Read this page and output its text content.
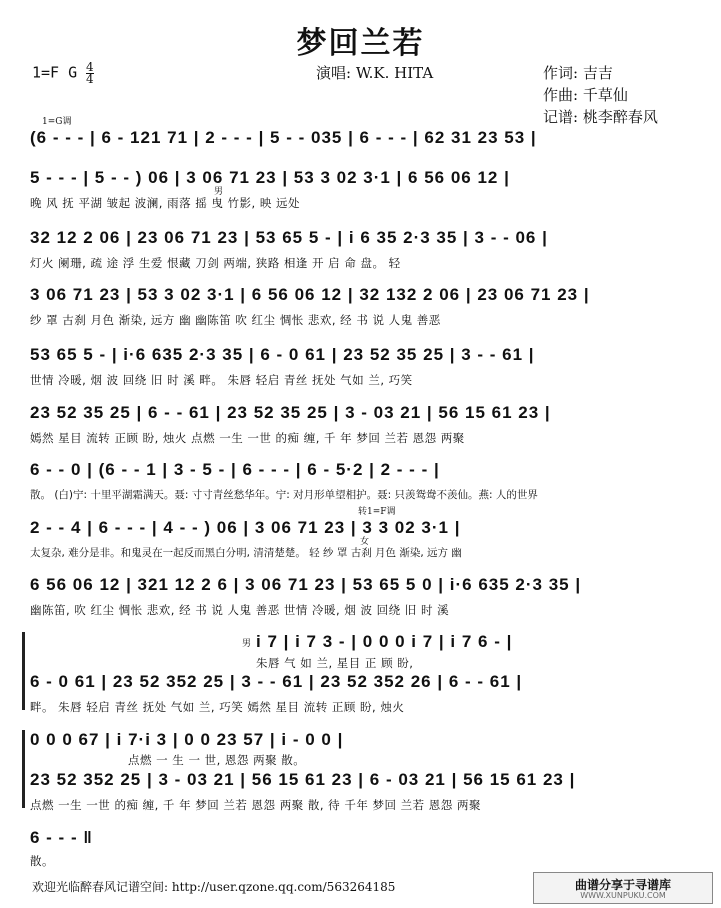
梦回兰若
1=F G $\frac{4}{4}$	演唱: W.K. HITA	作词: 吉吉
作曲: 千草仙
记谱: 桃李醉春风
1=G调
(6 - - - | 6 - 121 71 | 2 - - - | 5 - - 035 | 6 - - - | 62 31 23 53 |
5 - - - | 5 - - ) 06 | 3 06 71 23 | 53 3 02 3·1 | 6 56 06 12 |
晚 风 抚 平湖 皱起 波澜, 雨落 摇 曳 竹影, 映 远处
男
32 12 2 06 | 23 06 71 23 | 53 65 5 - | i 6 35 2·3 35 | 3 - - 06 |
灯火 阑珊, 疏 途 浮 生爱 恨藏 刀剑 两端, 狭路 相逢 开 启 命 盘。 轻
3 06 71 23 | 53 3 02 3·1 | 6 56 06 12 | 32 132 2 06 | 23 06 71 23 |
纱 罩 古刹 月色 渐染, 远方 幽 幽陈笛 吹 红尘 惆怅 悲欢, 经 书 说 人鬼 善恶
53 65 5 - | i·6 635 2·3 35 | 6 - 0 61 | 23 52 35 25 | 3 - - 61 |
世情 冷暖, 烟 波 回绕 旧 时 溪 畔。 朱唇 轻启 青丝 抚处 气如 兰, 巧笑
23 52 35 25 | 6 - - 61 | 23 52 35 25 | 3 - 03 21 | 56 15 61 23 |
嫣然 星目 流转 正顾 盼, 烛火 点燃 一生 一世 的痴 缠, 千 年 梦回 兰若 恩怨 两聚
6 - - 0 | (6 - - 1 | 3 - 5 - | 6 - - - | 6 - 5·2 | 2 - - - |
散。 (白)宁: 十里平湖霜满天。聂: 寸寸青丝愁华年。宁: 对月形单望相护。聂: 只羡鸳鸯不羡仙。燕: 人的世界
转1=F调
2 - - 4 | 6 - - - | 4 - - ) 06 | 3 06 71 23 | 3 3 02 3·1 |
太复杂, 难分是非。和鬼灵在一起反而黑白分明, 清清楚楚。 轻 纱 罩 古刹 月色 渐染, 远方 幽
女
6 56 06 12 | 321 12 2 6 | 3 06 71 23 | 53 65 5 0 | i·6 635 2·3 35 |
幽陈笛, 吹 红尘 惆怅 悲欢, 经 书 说 人鬼 善恶 世情 冷暖, 烟 波 回绕 旧 时 溪
男 i 7 | i 7 3 - | 0 0 0 i 7 | i 7 6 - |
朱唇 气 如 兰, 星目 正 顾 盼,
6 - 0 61 | 23 52 352 25 | 3 - - 61 | 23 52 352 26 | 6 - - 61 |
畔。 朱唇 轻启 青丝 抚处 气如 兰, 巧笑 嫣然 星目 流转 正顾 盼, 烛火
0 0 0 67 | i 7·i 3 | 0 0 23 57 | i - 0 0 |
点燃 一 生 一 世, 恩怨 两聚 散。
23 52 352 25 | 3 - 03 21 | 56 15 61 23 | 6 - 03 21 | 56 15 61 23 |
点燃 一生 一世 的痴 缠, 千 年 梦回 兰若 恩怨 两聚 散, 待 千年 梦回 兰若 恩怨 两聚
6 - - - ‖
散。
欢迎光临醉春风记谱空间: http://user.qzone.qq.com/563264185	曲谱分享于寻谱库
WWW.XUNPUKU.COM
